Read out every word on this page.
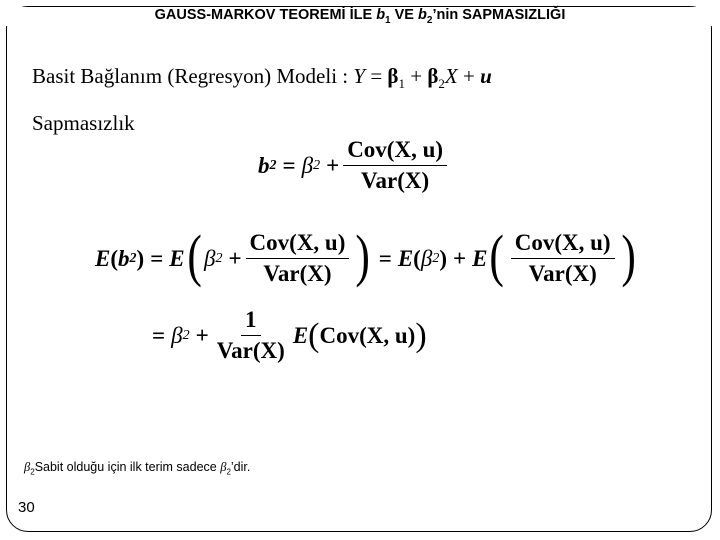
GAUSS-MARKOV TEOREMİ İLE $b_1$ VE $b_2’nin$ SAPMASIZLIĞI
Basit Bağlanım (Regresyon) Modeli : $Y = \beta_1 + \beta_2X + u$
Sapmasızlık
b 2 = β $2 + \frac{\text{Cov(X, u)}}{\text{Var(X)}}$
E ( b 2 ) = E ( β $2 + \frac{\text{Cov(X, u)}}{\text{Var(X)}}$ ) = E ( β 2 ) + E ( $\frac{\text{Cov(X, u)}}{\text{Var(X)}}$ )
= β $2 + \frac{1}{\text{Var(X)}}$ E ( Cov(X, u) )
$\beta_2Sabit$ olduğu için ilk terim sadece $\beta_2’dir$.
30
